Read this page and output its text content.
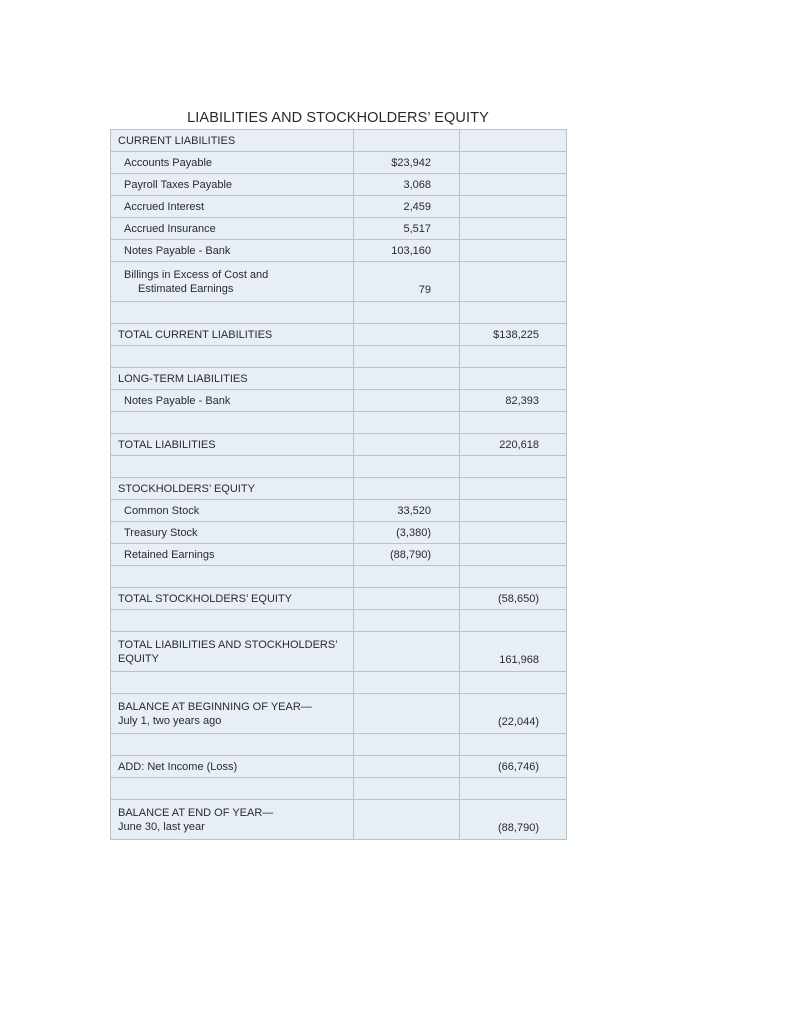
LIABILITIES AND STOCKHOLDERS’ EQUITY
CURRENT LIABILITIES		
Accounts Payable	$23,942	
Payroll Taxes Payable	3,068	
Accrued Interest	2,459	
Accrued Insurance	5,517	
Notes Payable - Bank	103,160	
Billings in Excess of Cost and

Estimated Earnings	79	

TOTAL CURRENT LIABILITIES		$138,225

LONG-TERM LIABILITIES		
Notes Payable - Bank		82,393

TOTAL LIABILITIES		220,618

STOCKHOLDERS’ EQUITY		
Common Stock	33,520	
Treasury Stock	(3,380)	
Retained Earnings	(88,790)	

TOTAL STOCKHOLDERS’ EQUITY		(58,650)

TOTAL LIABILITIES AND STOCKHOLDERS’
EQUITY		161,968

BALANCE AT BEGINNING OF YEAR—
July 1, two years ago		(22,044)

ADD: Net Income (Loss)		(66,746)

BALANCE AT END OF YEAR—
June 30, last year		(88,790)
